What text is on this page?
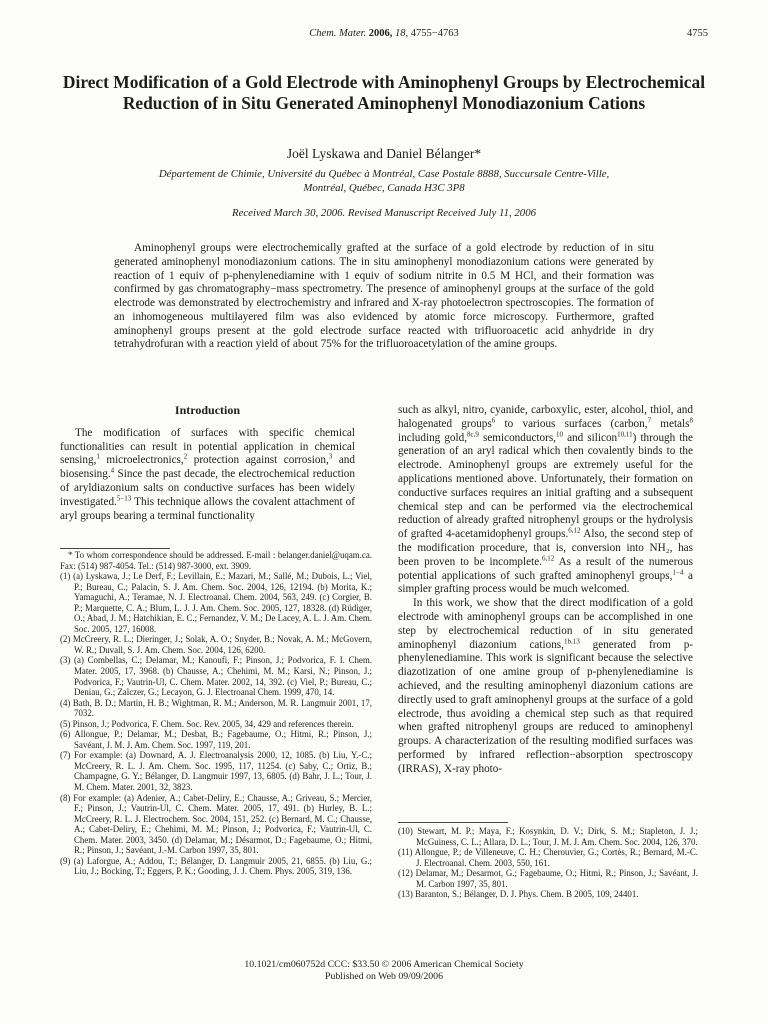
Chem. Mater. 2006, 18, 4755−4763	4755
Direct Modification of a Gold Electrode with Aminophenyl Groups by Electrochemical Reduction of in Situ Generated Aminophenyl Monodiazonium Cations
Joël Lyskawa and Daniel Bélanger*
Département de Chimie, Université du Québec à Montréal, Case Postale 8888, Succursale Centre-Ville,
Montréal, Québec, Canada H3C 3P8
Received March 30, 2006. Revised Manuscript Received July 11, 2006

Aminophenyl groups were electrochemically grafted at the surface of a gold electrode by reduction of in situ generated aminophenyl monodiazonium cations. The in situ aminophenyl monodiazonium cations were generated by reaction of 1 equiv of p-phenylenediamine with 1 equiv of sodium nitrite in 0.5 M HCl, and their formation was confirmed by gas chromatography−mass spectrometry. The presence of aminophenyl groups at the surface of the gold electrode was demonstrated by electrochemistry and infrared and X-ray photoelectron spectroscopies. The formation of an inhomogeneous multilayered film was also evidenced by atomic force microscopy. Furthermore, grafted aminophenyl groups present at the gold electrode surface reacted with trifluoroacetic acid anhydride in dry tetrahydrofuran with a reaction yield of about 75% for the trifluoroacetylation of the amine groups.

Introduction

The modification of surfaces with specific chemical functionalities can result in potential application in chemical sensing,$^1$ microelectronics,$^2$ protection against corrosion,$^3$ and biosensing.$^4$ Since the past decade, the electrochemical reduction of aryldiazonium salts on conductive surfaces has been widely investigated.$^{5-13}$ This technique allows the covalent attachment of aryl groups bearing a terminal functionality

such as alkyl, nitro, cyanide, carboxylic, ester, alcohol, thiol, and halogenated groups$^6$ to various surfaces (carbon,$^7$ metals$^8$ including gold,$^{8c,9}$ semiconductors,$^{10}$ and silicon$^{10,11}$) through the generation of an aryl radical which then covalently binds to the electrode. Aminophenyl groups are extremely useful for the applications mentioned above. Unfortunately, their formation on conductive surfaces requires an initial grafting and a subsequent chemical step and can be performed via the electrochemical reduction of already grafted nitrophenyl groups or the hydrolysis of grafted 4-acetamidophenyl groups.$^{6,12}$ Also, the second step of the modification procedure, that is, conversion into NH₂, has been proven to be incomplete.$^{6,12}$ As a result of the numerous potential applications of such grafted aminophenyl groups,$^{1-4}$ a simpler grafting process would be much welcomed.

In this work, we show that the direct modification of a gold electrode with aminophenyl groups can be accomplished in one step by electrochemical reduction of in situ generated aminophenyl diazonium cations,$^{1b,13}$ generated from p-phenylenediamine. This work is significant because the selective diazotization of one amine group of p-phenylenediamine is achieved, and the resulting aminophenyl diazonium cations are directly used to graft aminophenyl groups at the surface of a gold electrode, thus avoiding a chemical step such as that required when grafted nitrophenyl groups are reduced to aminophenyl groups. A characterization of the resulting modified surfaces was performed by infrared reflection−absorption spectroscopy (IRRAS), X-ray photo-

* To whom correspondence should be addressed. E-mail : belanger.daniel@uqam.ca. Fax: (514) 987-4054. Tel.: (514) 987-3000, ext. 3909.

(1) (a) Lyskawa, J.; Le Derf, F.; Levillain, E.; Mazari, M.; Sallé, M.; Dubois, L.; Viel, P.; Bureau, C.; Palacin, S. J. Am. Chem. Soc. 2004, 126, 12194. (b) Morita, K.; Yamaguchi, A.; Teramae, N. J. Electroanal. Chem. 2004, 563, 249. (c) Corgier, B. P.; Marquette, C. A.; Blum, L. J. J. Am. Chem. Soc. 2005, 127, 18328. (d) Rüdiger, O.; Abad, J. M.; Hatchikian, E. C.; Fernandez, V. M.; De Lacey, A. L. J. Am. Chem. Soc. 2005, 127, 16008.

(2) McCreery, R. L.; Dieringer, J.; Solak, A. O.; Snyder, B.; Novak, A. M.; McGovern, W. R.; Duvall, S. J. Am. Chem. Soc. 2004, 126, 6200.

(3) (a) Combellas, C.; Delamar, M.; Kanoufi, F.; Pinson, J.; Podvorica, F. I. Chem. Mater. 2005, 17, 3968. (b) Chausse, A.; Chehimi, M. M.; Karsi, N.; Pinson, J.; Podvorica, F.; Vautrin-Ul, C. Chem. Mater. 2002, 14, 392. (c) Viel, P.; Bureau, C.; Deniau, G.; Zalczer, G.; Lecayon, G. J. Electroanal Chem. 1999, 470, 14.

(4) Bath, B. D.; Martin, H. B.; Wightman, R. M.; Anderson, M. R. Langmuir 2001, 17, 7032.

(5) Pinson, J.; Podvorica, F. Chem. Soc. Rev. 2005, 34, 429 and references therein.

(6) Allongue, P.; Delamar, M.; Desbat, B.; Fagebaume, O.; Hitmi, R.; Pinson, J.; Savéant, J. M. J. Am. Chem. Soc. 1997, 119, 201.

(7) For example: (a) Downard, A. J. Electroanalysis 2000, 12, 1085. (b) Liu, Y.-C.; McCreery, R. L. J. Am. Chem. Soc. 1995, 117, 11254. (c) Saby, C.; Ortiz, B.; Champagne, G. Y.; Bélanger, D. Langmuir 1997, 13, 6805. (d) Bahr, J. L.; Tour, J. M. Chem. Mater. 2001, 32, 3823.

(8) For example: (a) Adenier, A.; Cabet-Deliry, E.; Chausse, A.; Griveau, S.; Mercier, F.; Pinson, J.; Vautrin-Ul, C. Chem. Mater. 2005, 17, 491. (b) Hurley, B. L.; McCreery, R. L. J. Electrochem. Soc. 2004, 151, 252. (c) Bernard, M. C.; Chausse, A.; Cabet-Deliry, E.; Chehimi, M. M.; Pinson, J.; Podvorica, F.; Vautrin-Ul, C. Chem. Mater. 2003, 3450. (d) Delamar, M.; Désarmot, D.; Fagebaume, O.; Hitmi, R.; Pinson, J.; Savéant, J.-M. Carbon 1997, 35, 801.

(9) (a) Laforgue, A.; Addou, T.; Bélanger, D. Langmuir 2005, 21, 6855. (b) Liu, G.; Liu, J.; Bocking, T.; Eggers, P. K.; Gooding, J. J. Chem. Phys. 2005, 319, 136.

(10) Stewart, M. P.; Maya, F.; Kosynkin, D. V.; Dirk, S. M.; Stapleton, J. J.; McGuiness, C. L.; Allara, D. L.; Tour, J. M. J. Am. Chem. Soc. 2004, 126, 370.

(11) Allongue, P.; de Villeneuve, C. H.; Cherouvier, G.; Cortès, R.; Bernard, M.-C. J. Electroanal. Chem. 2003, 550, 161.

(12) Delamar, M.; Desarmot, G.; Fagebaume, O.; Hitmi, R.; Pinson, J.; Savéant, J. M. Carbon 1997, 35, 801.

(13) Baranton, S.; Bélanger, D. J. Phys. Chem. B 2005, 109, 24401.

10.1021/cm060752d CCC: $33.50 © 2006 American Chemical Society
Published on Web 09/09/2006
